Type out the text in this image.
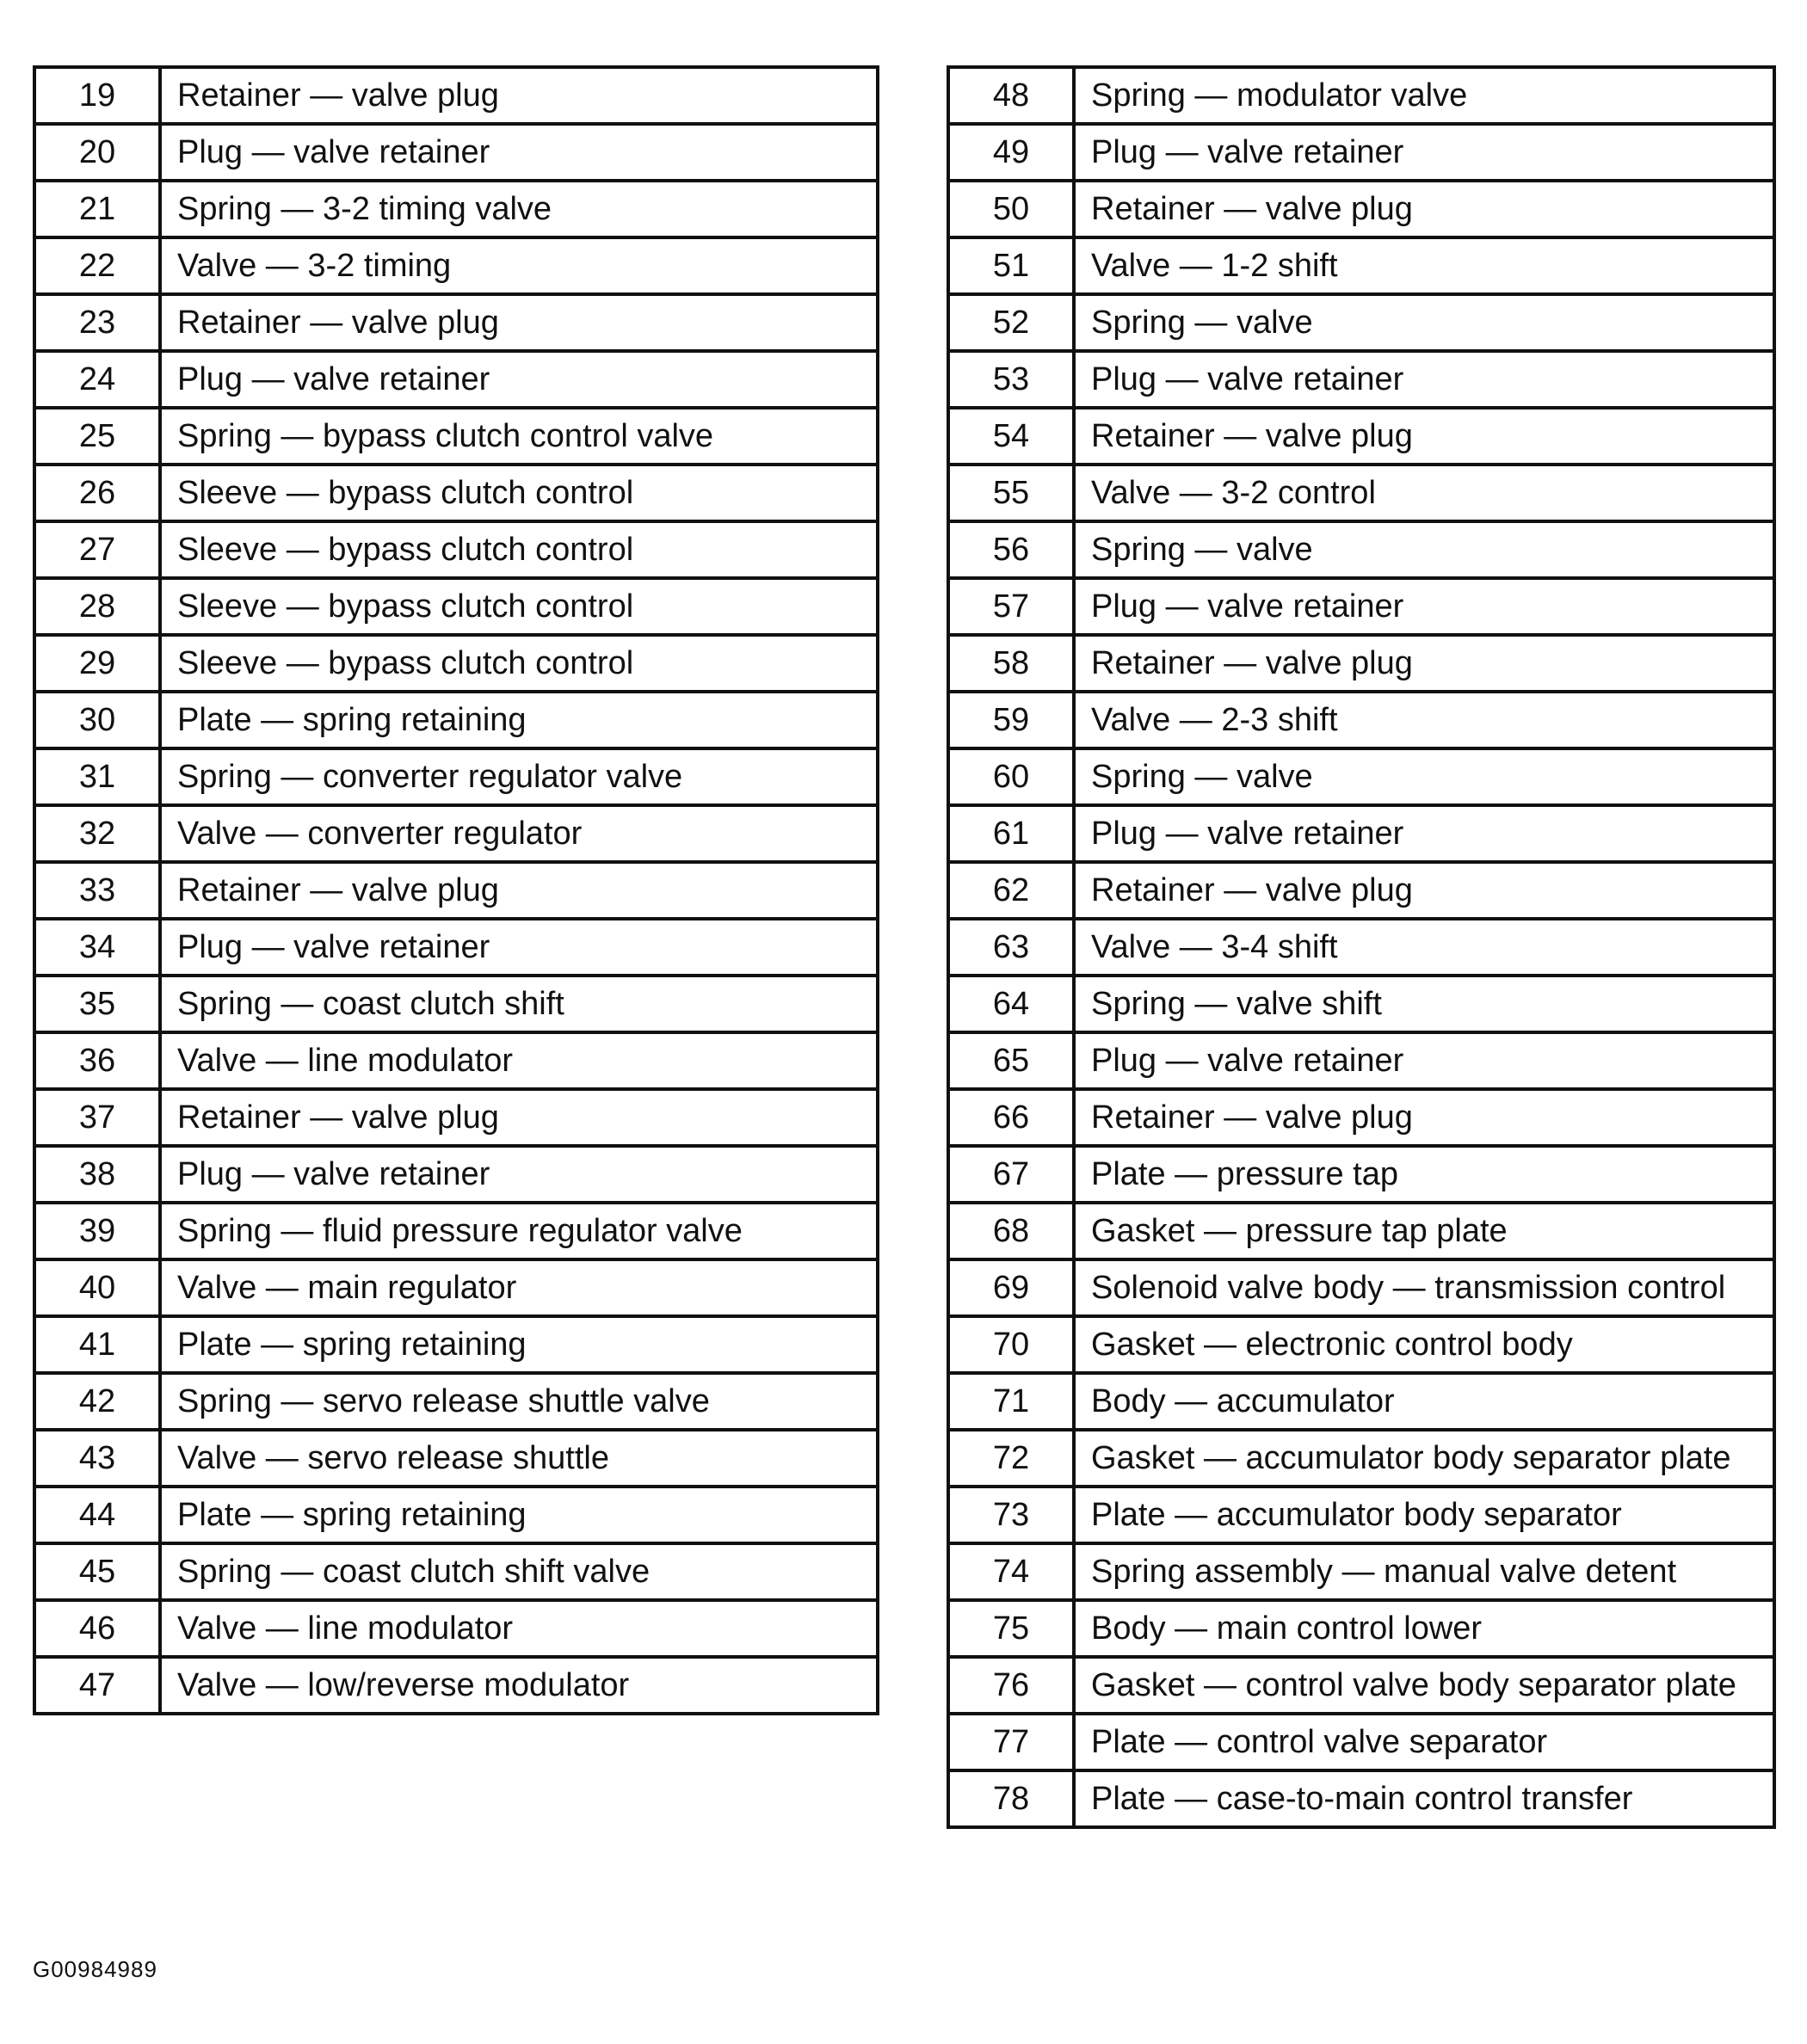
19	Retainer — valve plug
20	Plug — valve retainer
21	Spring — 3-2 timing valve
22	Valve — 3-2 timing
23	Retainer — valve plug
24	Plug — valve retainer
25	Spring — bypass clutch control valve
26	Sleeve — bypass clutch control
27	Sleeve — bypass clutch control
28	Sleeve — bypass clutch control
29	Sleeve — bypass clutch control
30	Plate — spring retaining
31	Spring — converter regulator valve
32	Valve — converter regulator
33	Retainer — valve plug
34	Plug — valve retainer
35	Spring — coast clutch shift
36	Valve — line modulator
37	Retainer — valve plug
38	Plug — valve retainer
39	Spring — fluid pressure regulator valve
40	Valve — main regulator
41	Plate — spring retaining
42	Spring — servo release shuttle valve
43	Valve — servo release shuttle
44	Plate — spring retaining
45	Spring — coast clutch shift valve
46	Valve — line modulator
47	Valve — low/reverse modulator
48	Spring — modulator valve
49	Plug — valve retainer
50	Retainer — valve plug
51	Valve — 1-2 shift
52	Spring — valve
53	Plug — valve retainer
54	Retainer — valve plug
55	Valve — 3-2 control
56	Spring — valve
57	Plug — valve retainer
58	Retainer — valve plug
59	Valve — 2-3 shift
60	Spring — valve
61	Plug — valve retainer
62	Retainer — valve plug
63	Valve — 3-4 shift
64	Spring — valve shift
65	Plug — valve retainer
66	Retainer — valve plug
67	Plate — pressure tap
68	Gasket — pressure tap plate
69	Solenoid valve body — transmission control
70	Gasket — electronic control body
71	Body — accumulator
72	Gasket — accumulator body separator plate
73	Plate — accumulator body separator
74	Spring assembly — manual valve detent
75	Body — main control lower
76	Gasket — control valve body separator plate
77	Plate — control valve separator
78	Plate — case-to-main control transfer
G00984989
